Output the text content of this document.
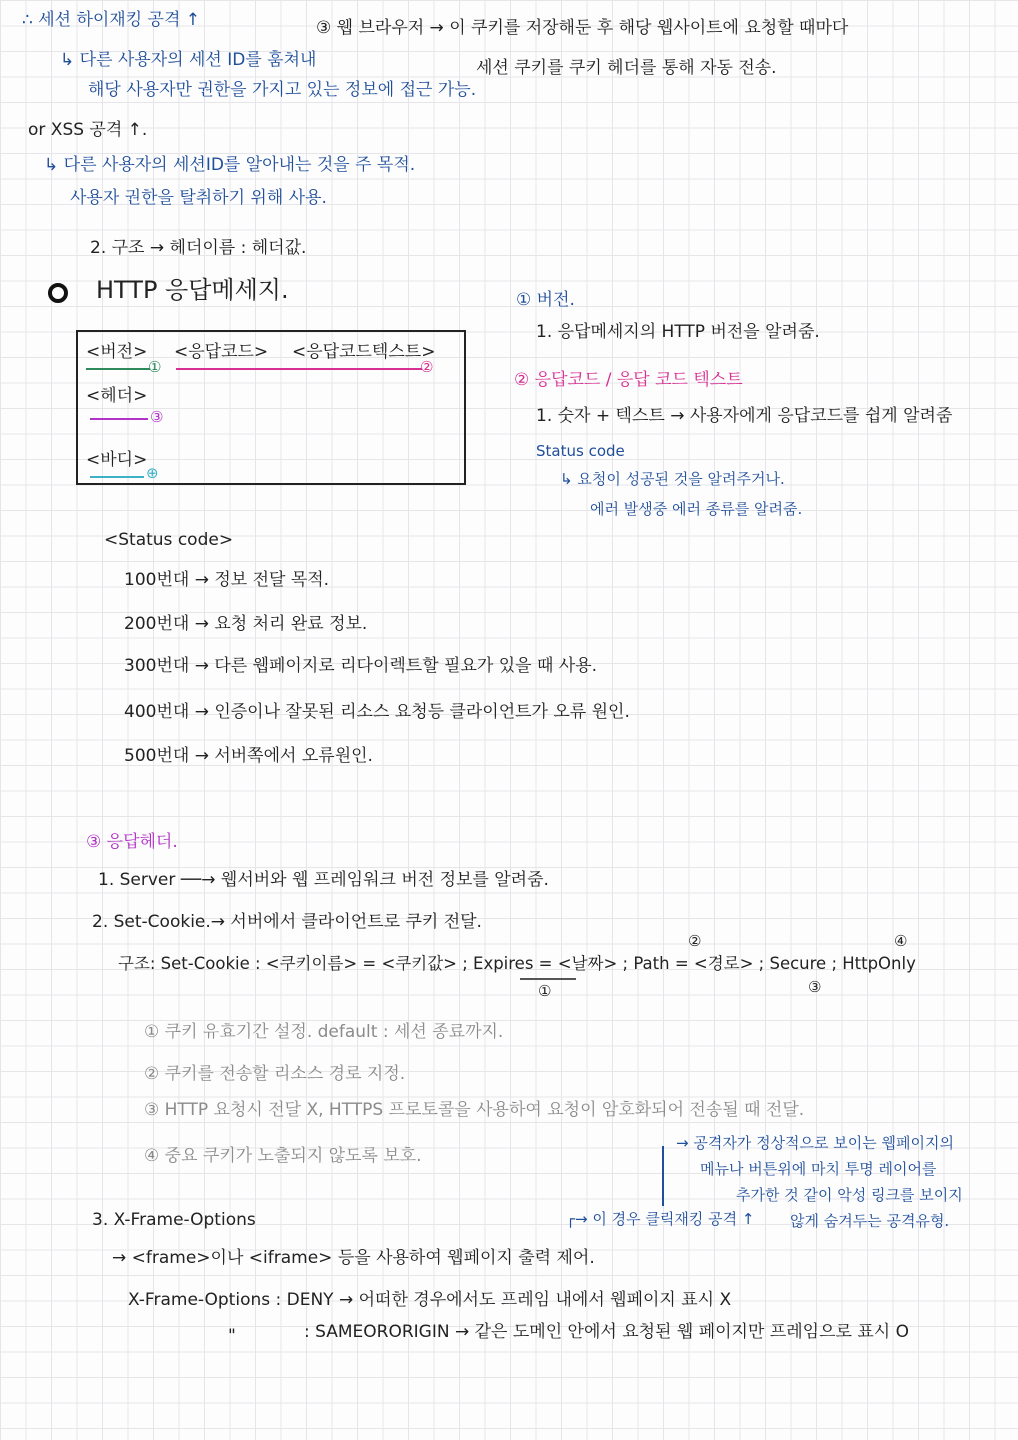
∴ 세션 하이재킹 공격 ↑
↳ 다른 사용자의 세션 ID를 훔쳐내
해당 사용자만 권한을 가지고 있는 정보에 접근 가능.
or XSS 공격 ↑.
↳ 다른 사용자의 세션ID를 알아내는 것을 주 목적.
사용자 권한을 탈취하기 위해 사용.
2. 구조 → 헤더이름 : 헤더값.
HTTP 응답메세지.
③ 웹 브라우저 → 이 쿠키를 저장해둔 후 해당 웹사이트에 요청할 때마다
세션 쿠키를 쿠키 헤더를 통해 자동 전송.
<버전> <응답코드> <응답코드텍스트>
①	②
<헤더>
③
<바디>
⊕
① 버전.
1. 응답메세지의 HTTP 버전을 알려줌.
② 응답코드 / 응답 코드 텍스트
1. 숫자 + 텍스트 → 사용자에게 응답코드를 쉽게 알려줌
Status code
↳ 요청이 성공된 것을 알려주거나.
에러 발생중 에러 종류를 알려줌.
<Status code>
100번대 → 정보 전달 목적.
200번대 → 요청 처리 완료 정보.
300번대 → 다른 웹페이지로 리다이렉트할 필요가 있을 때 사용.
400번대 → 인증이나 잘못된 리소스 요청등 클라이언트가 오류 원인.
500번대 → 서버쪽에서 오류원인.
③ 응답헤더.
1. Server ──→ 웹서버와 웹 프레임워크 버전 정보를 알려줌.
2. Set-Cookie.→ 서버에서 클라이언트로 쿠키 전달.
②	④
구조: Set-Cookie : <쿠키이름> = <쿠키값> ; Expires = <날짜> ; Path = <경로> ; Secure ; HttpOnly
①	③
① 쿠키 유효기간 설정. default : 세션 종료까지.
② 쿠키를 전송할 리소스 경로 지정.
③ HTTP 요청시 전달 X, HTTPS 프로토콜을 사용하여 요청이 암호화되어 전송될 때 전달.
④ 중요 쿠키가 노출되지 않도록 보호.
→ 공격자가 정상적으로 보이는 웹페이지의
메뉴나 버튼위에 마치 투명 레이어를
추가한 것 같이 악성 링크를 보이지
않게 숨겨두는 공격유형.
┌→ 이 경우 클릭재킹 공격 ↑
3. X-Frame-Options
→ <frame>이나 <iframe> 등을 사용하여 웹페이지 출력 제어.
X-Frame-Options : DENY → 어떠한 경우에서도 프레임 내에서 웹페이지 표시 X
"	: SAMEORORIGIN → 같은 도메인 안에서 요청된 웹 페이지만 프레임으로 표시 O
